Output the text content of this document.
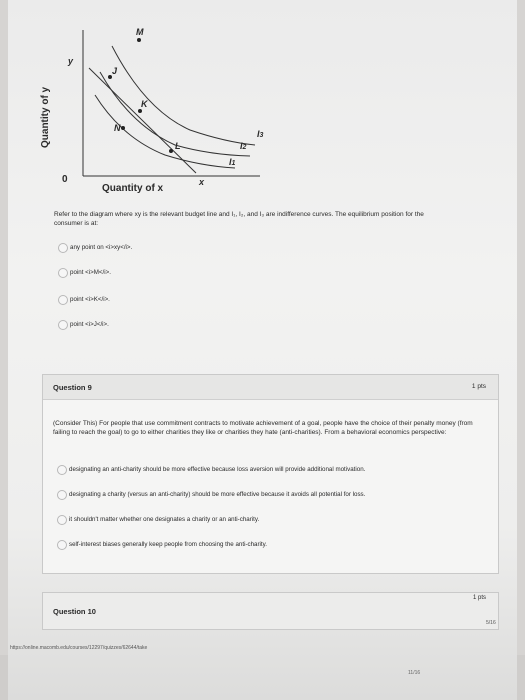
Quantity of y
0
Quantity of x
y
x
M
J
K
N
L
I3
I2
I1
Refer to the diagram where xy is the relevant budget line and I₁, I₂, and I₃ are indifference curves. The equilibrium position for the consumer is at:
any point on <i>xy</i>.
point <i>M</i>.
point <i>K</i>.
point <i>J</i>.
Question 9	1 pts
(Consider This) For people that use commitment contracts to motivate achievement of a goal, people have the choice of their penalty money (from failing to reach the goal) to go to either charities they like or charities they hate (anti-charities). From a behavioral economics perspective:
designating an anti-charity should be more effective because loss aversion will provide additional motivation.
designating a charity (versus an anti-charity) should be more effective because it avoids all potential for loss.
it shouldn't matter whether one designates a charity or an anti-charity.
self-interest biases generally keep people from choosing the anti-charity.
Question 10
1 pts
https://online.macomb.edu/courses/12297/quizzes/62644/take
5/16
11/16
